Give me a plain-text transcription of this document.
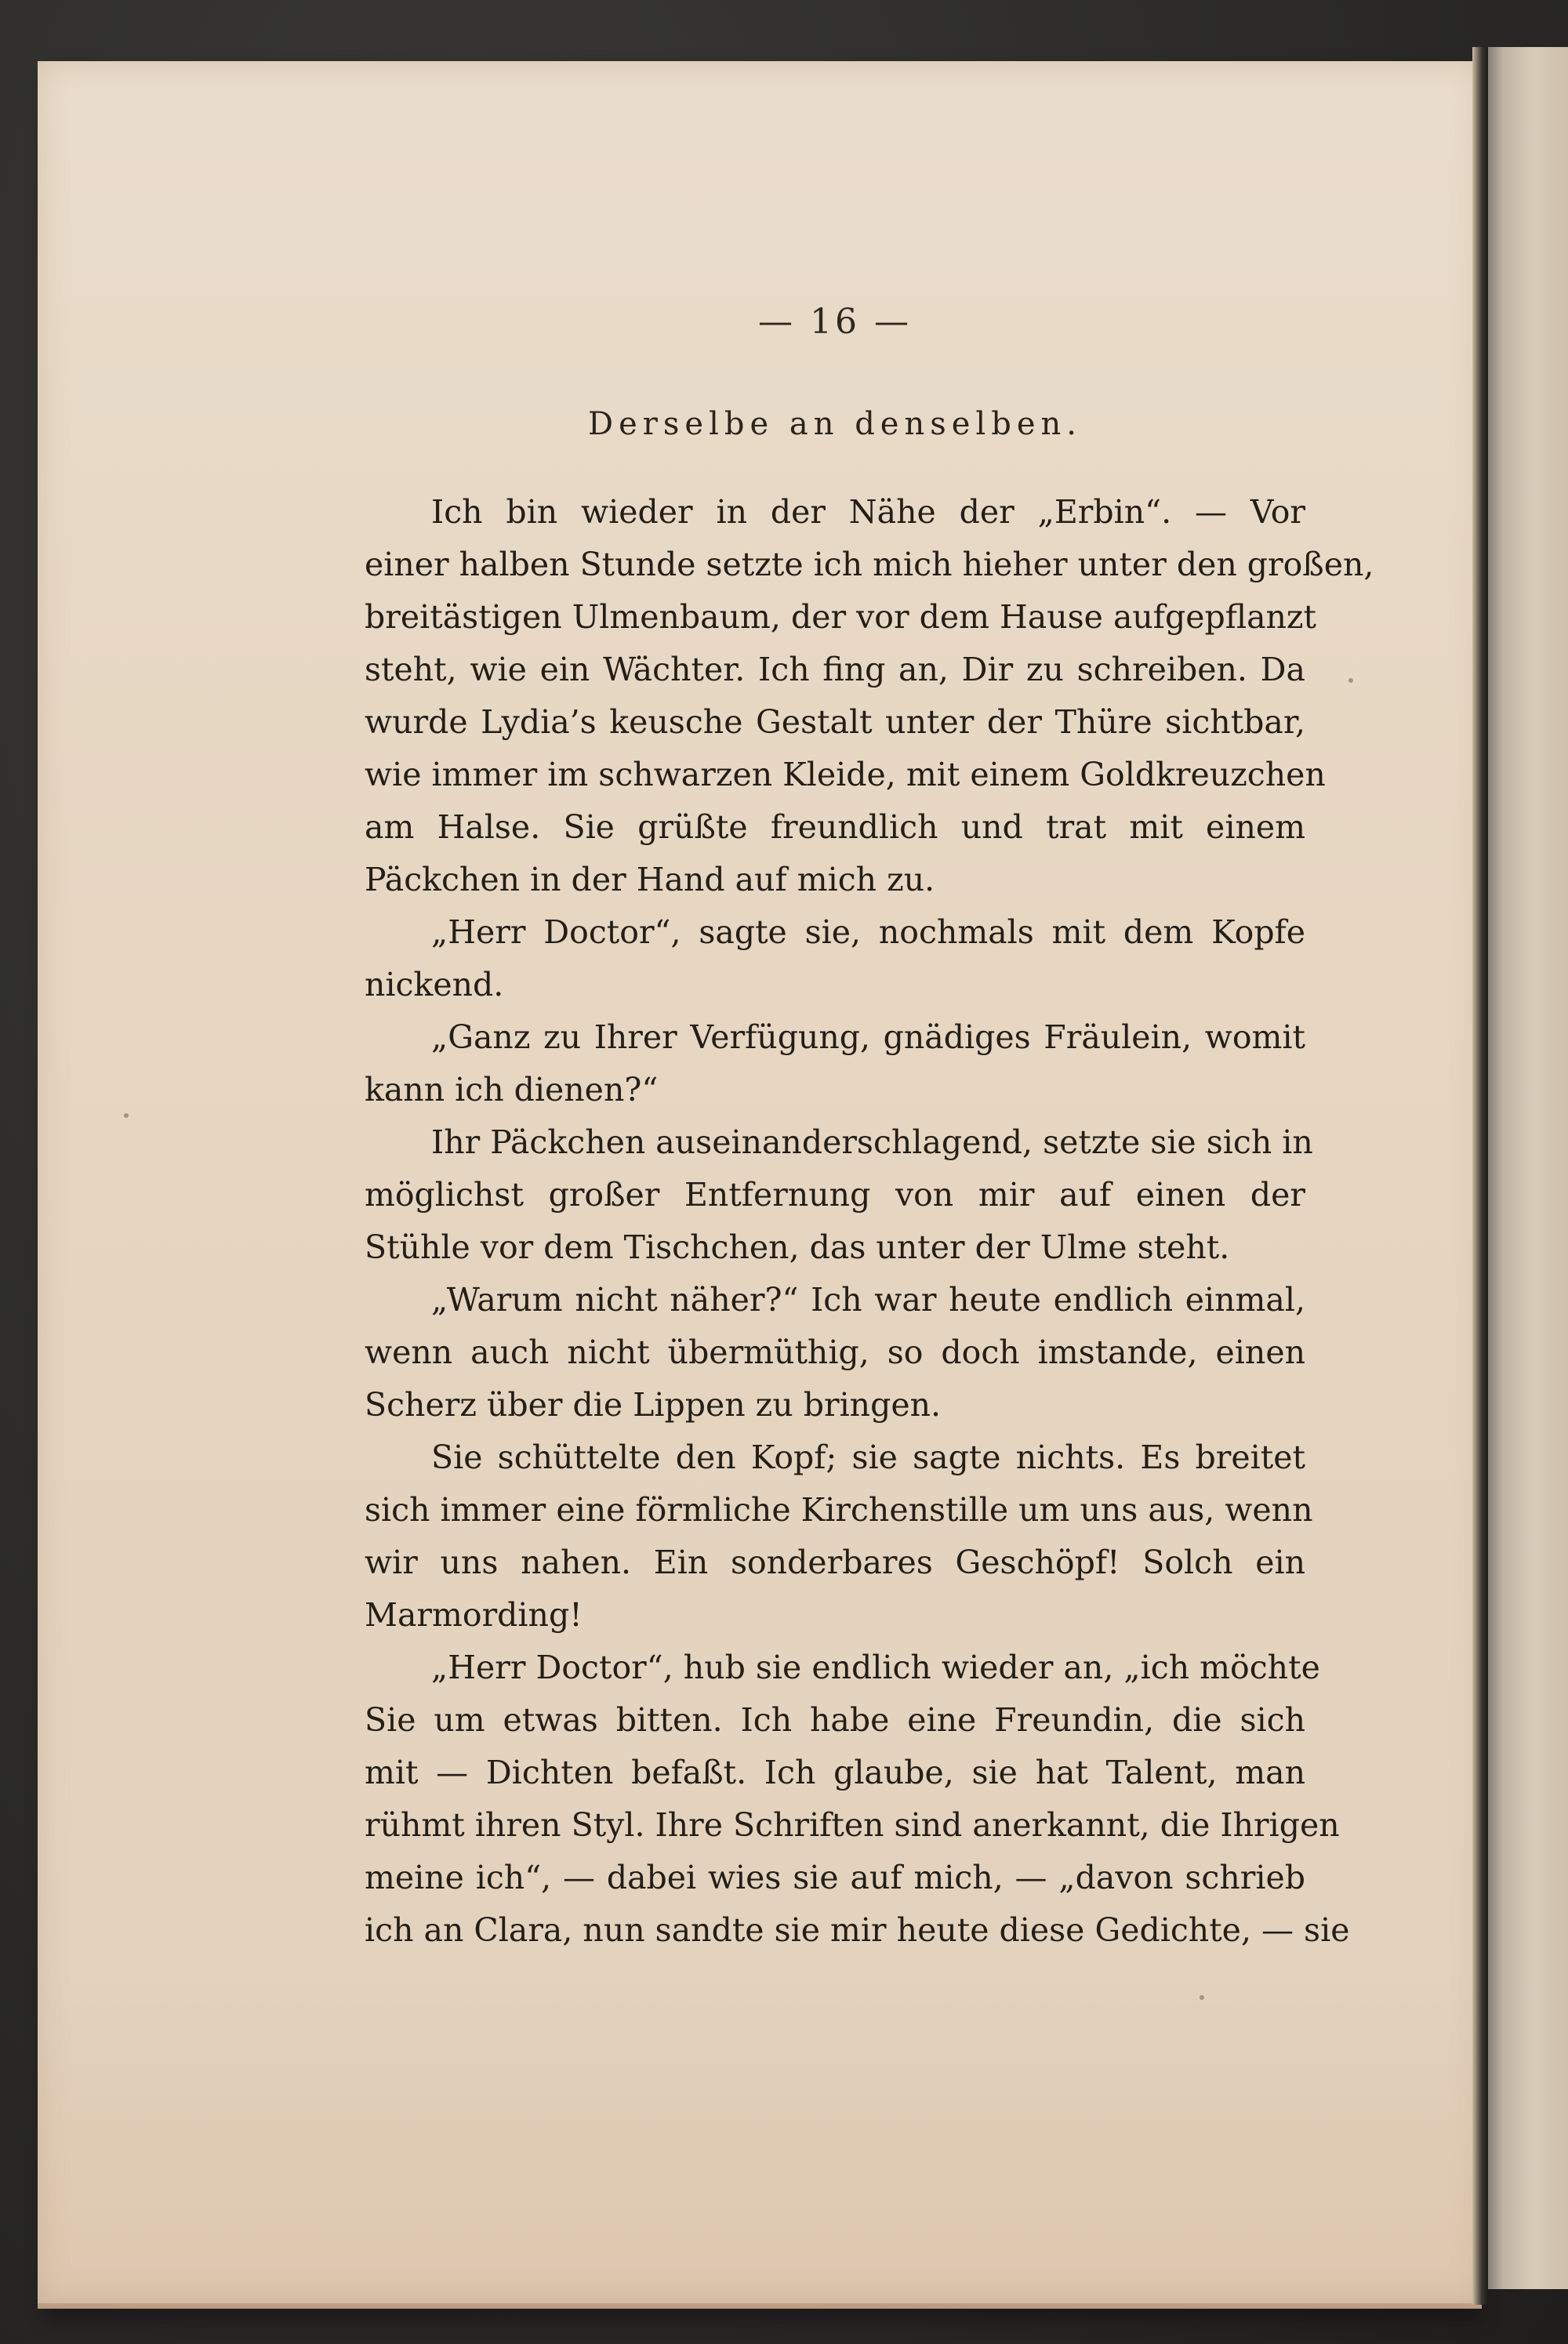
— 16 —
Derselbe an denselben.
Ich bin wieder in der Nähe der „Erbin“. — Vor
einer halben Stunde setzte ich mich hieher unter den großen,
breitästigen Ulmenbaum, der vor dem Hause aufgepflanzt
steht, wie ein Wächter. Ich fing an, Dir zu schreiben. Da
wurde Lydia’s keusche Gestalt unter der Thüre sichtbar,
wie immer im schwarzen Kleide, mit einem Goldkreuzchen
am Halse. Sie grüßte freundlich und trat mit einem
Päckchen in der Hand auf mich zu.
„Herr Doctor“, sagte sie, nochmals mit dem Kopfe
nickend.
„Ganz zu Ihrer Verfügung, gnädiges Fräulein, womit
kann ich dienen?“
Ihr Päckchen auseinanderschlagend, setzte sie sich in
möglichst großer Entfernung von mir auf einen der
Stühle vor dem Tischchen, das unter der Ulme steht.
„Warum nicht näher?“ Ich war heute endlich einmal,
wenn auch nicht übermüthig, so doch imstande, einen
Scherz über die Lippen zu bringen.
Sie schüttelte den Kopf; sie sagte nichts. Es breitet
sich immer eine förmliche Kirchenstille um uns aus, wenn
wir uns nahen. Ein sonderbares Geschöpf! Solch ein
Marmording!
„Herr Doctor“, hub sie endlich wieder an, „ich möchte
Sie um etwas bitten. Ich habe eine Freundin, die sich
mit — Dichten befaßt. Ich glaube, sie hat Talent, man
rühmt ihren Styl. Ihre Schriften sind anerkannt, die Ihrigen
meine ich“, — dabei wies sie auf mich, — „davon schrieb
ich an Clara, nun sandte sie mir heute diese Gedichte, — sie
